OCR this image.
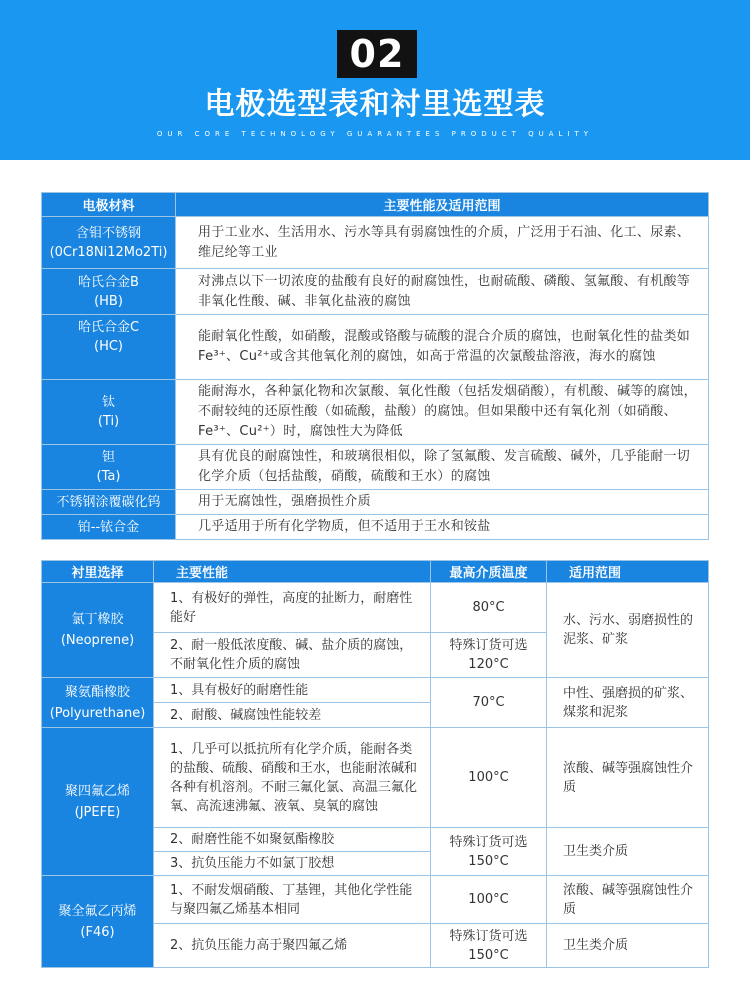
02
电极选型表和衬里选型表
OUR CORE TECHNOLOGY GUARANTEES PRODUCT QUALITY
电极材料	主要性能及适用范围

含钼不锈钢
(0Cr18Ni12Mo2Ti)	用于工业水、生活用水、污水等具有弱腐蚀性的介质，广泛用于石油、化工、尿素、维尼纶等工业

哈氏合金B
(HB)	对沸点以下一切浓度的盐酸有良好的耐腐蚀性，也耐硫酸、磷酸、氢氟酸、有机酸等非氧化性酸、碱、非氧化盐液的腐蚀

哈氏合金C
(HC)	能耐氧化性酸，如硝酸，混酸或铬酸与硫酸的混合介质的腐蚀，也耐氧化性的盐类如Fe³⁺、Cu²⁺或含其他氧化剂的腐蚀，如高于常温的次氯酸盐溶液，海水的腐蚀

钛
(Ti)	能耐海水，各种氯化物和次氯酸、氧化性酸（包括发烟硝酸），有机酸、碱等的腐蚀，不耐较纯的还原性酸（如硫酸，盐酸）的腐蚀。但如果酸中还有氧化剂（如硝酸、Fe³⁺、Cu²⁺）时，腐蚀性大为降低

钽
(Ta)	具有优良的耐腐蚀性，和玻璃很相似，除了氢氟酸、发言硫酸、碱外，几乎能耐一切化学介质（包括盐酸，硝酸，硫酸和王水）的腐蚀

不锈钢涂覆碳化钨	用于无腐蚀性，强磨损性介质

铂--铱合金	几乎适用于所有化学物质，但不适用于王水和铵盐
衬里选择	主要性能	最高介质温度	适用范围

氯丁橡胶
(Neoprene)	1、有极好的弹性，高度的扯断力，耐磨性能好	80°C	水、污水、弱磨损性的泥浆、矿浆
	2、耐一般低浓度酸、碱、盐介质的腐蚀，不耐氧化性介质的腐蚀	特殊订货可选
120°C	

聚氨酯橡胶
(Polyurethane)	1、具有极好的耐磨性能	70°C	中性、强磨损的矿浆、煤浆和泥浆
	2、耐酸、碱腐蚀性能较差		

聚四氟乙烯
(JPEFE)	1、几乎可以抵抗所有化学介质，能耐各类的盐酸、硫酸、硝酸和王水，也能耐浓碱和各种有机溶剂。不耐三氟化氯、高温三氟化氧、高流速沸氟、液氧、臭氧的腐蚀	100°C	浓酸、碱等强腐蚀性介质
	2、耐磨性能不如聚氨酯橡胶	特殊订货可选
150°C	卫生类介质
	3、抗负压能力不如氯丁胶想		

聚全氟乙丙烯
(F46)	1、不耐发烟硝酸、丁基锂，其他化学性能与聚四氟乙烯基本相同	100°C	浓酸、碱等强腐蚀性介质
	2、抗负压能力高于聚四氟乙烯	特殊订货可选
150°C	卫生类介质
